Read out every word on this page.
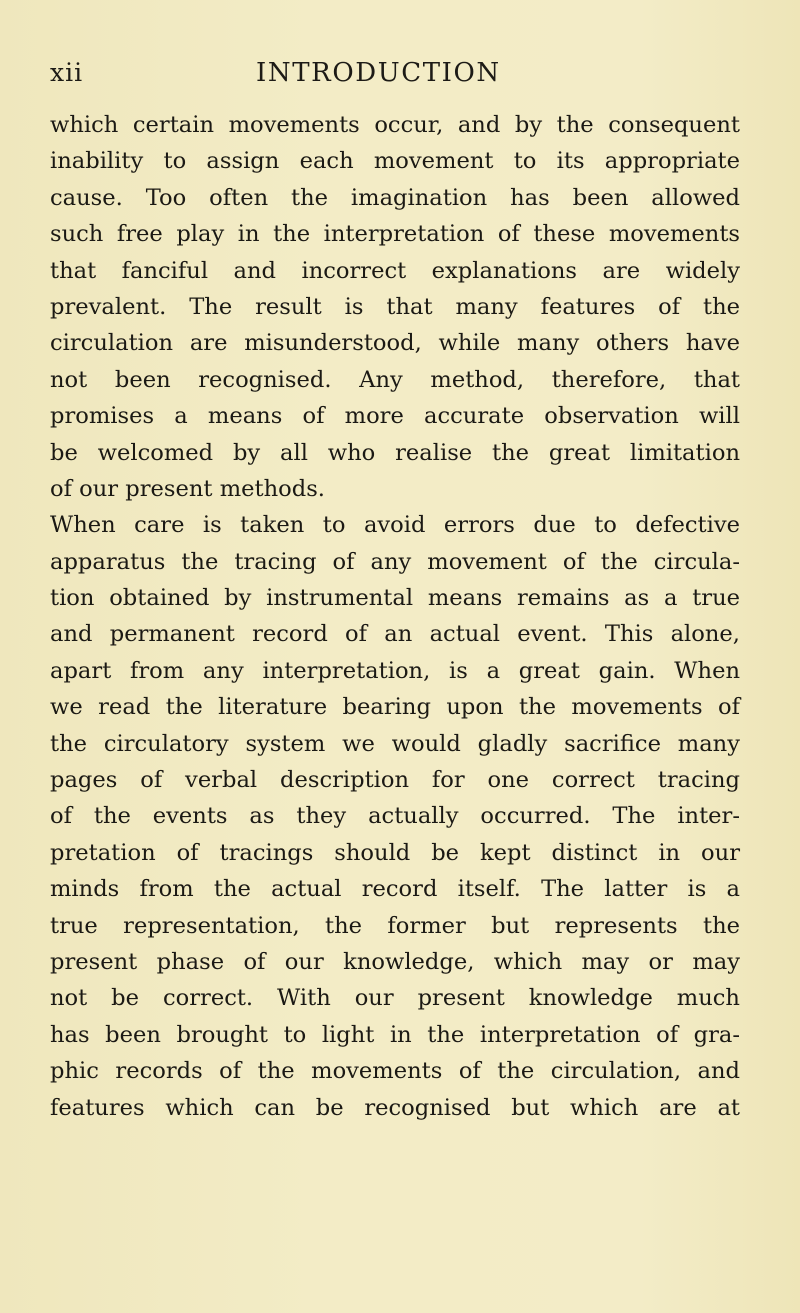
xii	INTRODUCTION
which certain movements occur, and by the consequent
inability to assign each movement to its appropriate
cause. Too often the imagination has been allowed
such free play in the interpretation of these movements
that fanciful and incorrect explanations are widely
prevalent. The result is that many features of the
circulation are misunderstood, while many others have
not been recognised. Any method, therefore, that
promises a means of more accurate observation will
be welcomed by all who realise the great limitation
of our present methods.
When care is taken to avoid errors due to defective
apparatus the tracing of any movement of the circula-
tion obtained by instrumental means remains as a true
and permanent record of an actual event. This alone,
apart from any interpretation, is a great gain. When
we read the literature bearing upon the movements of
the circulatory system we would gladly sacrifice many
pages of verbal description for one correct tracing
of the events as they actually occurred. The inter-
pretation of tracings should be kept distinct in our
minds from the actual record itself. The latter is a
true representation, the former but represents the
present phase of our knowledge, which may or may
not be correct. With our present knowledge much
has been brought to light in the interpretation of gra-
phic records of the movements of the circulation, and
features which can be recognised but which are at
